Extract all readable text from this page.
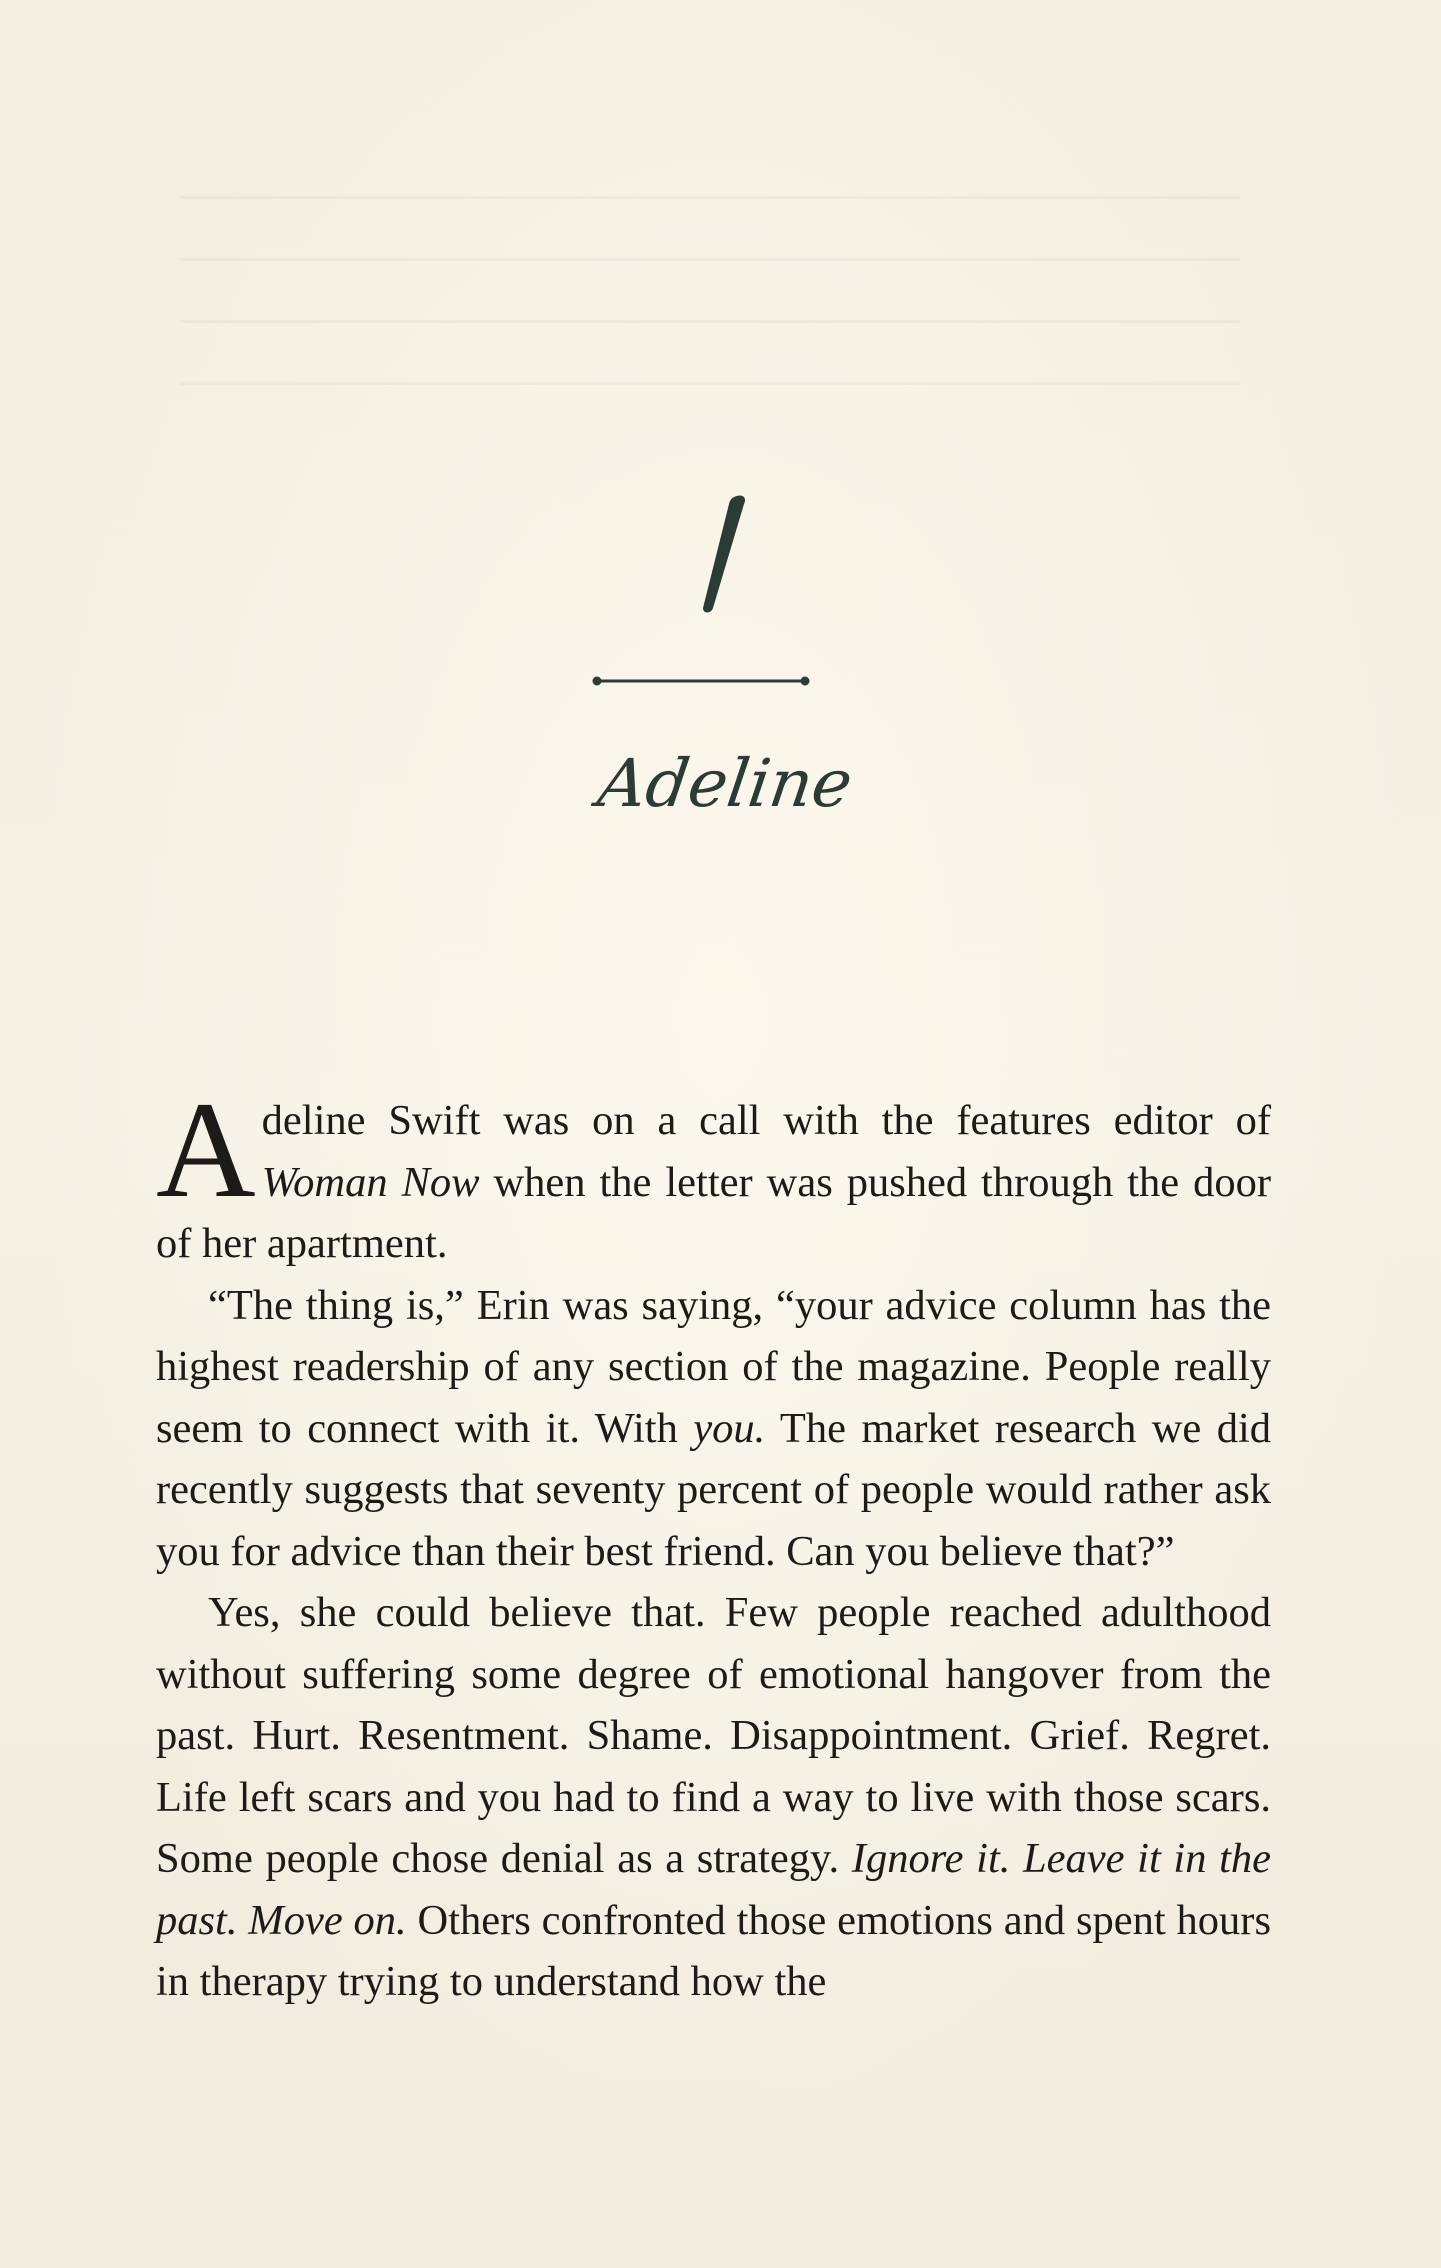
Adeline

Adeline Swift was on a call with the features editor of Woman Now when the letter was pushed through the door of her apartment.

“The thing is,” Erin was saying, “your advice column has the highest readership of any section of the magazine. People really seem to connect with it. With you. The market research we did recently suggests that seventy percent of people would rather ask you for advice than their best friend. Can you believe that?”

Yes, she could believe that. Few people reached adulthood without suffering some degree of emotional hangover from the past. Hurt. Resentment. Shame. Disappointment. Grief. Regret. Life left scars and you had to find a way to live with those scars. Some people chose denial as a strategy. Ignore it. Leave it in the past. Move on. Others confronted those emotions and spent hours in therapy trying to understand how the
